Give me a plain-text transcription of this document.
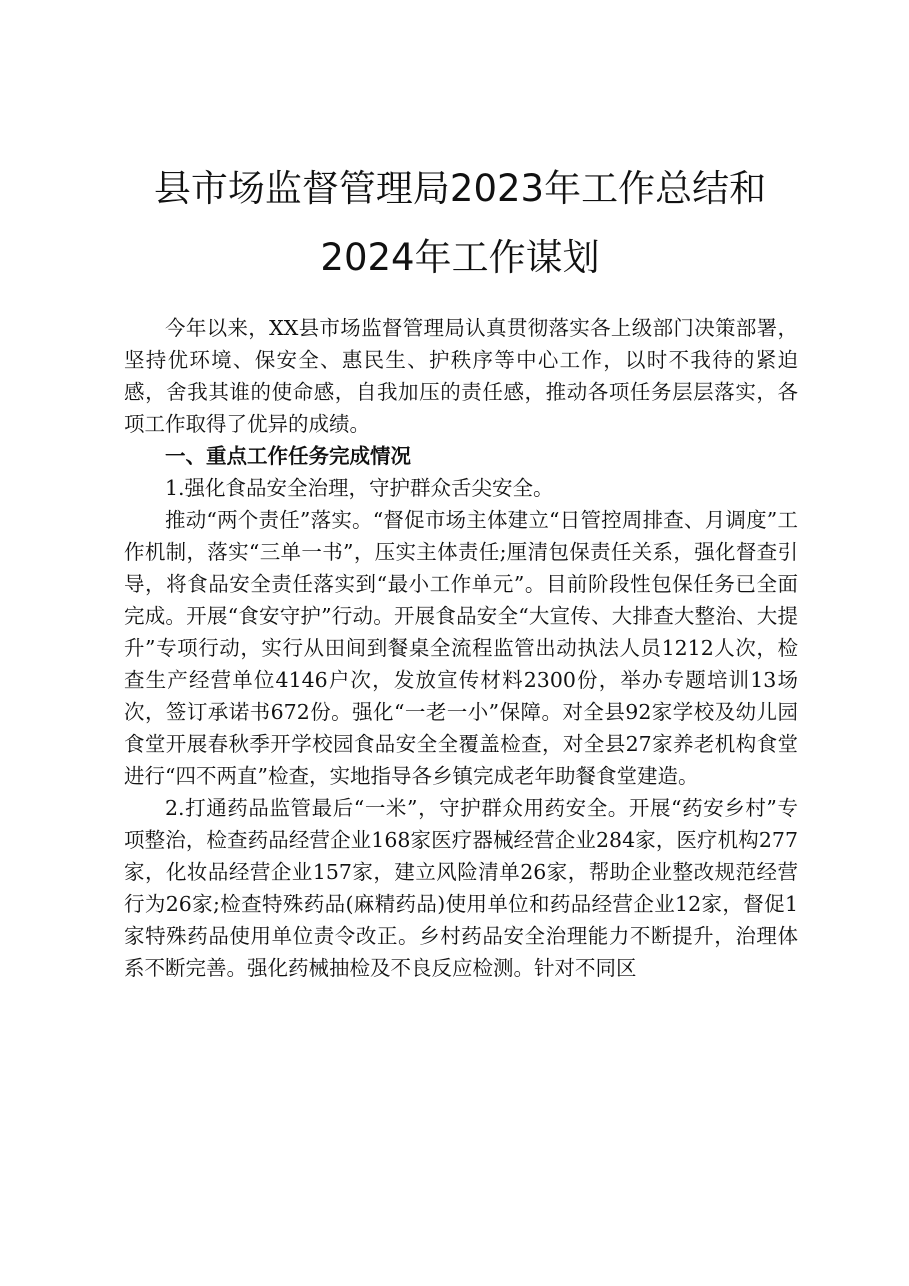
县市场监督管理局2023年工作总结和2024年工作谋划

今年以来，XX县市场监督管理局认真贯彻落实各上级部门决策部署，坚持优环境、保安全、惠民生、护秩序等中心工作，以时不我待的紧迫感，舍我其谁的使命感，自我加压的责任感，推动各项任务层层落实，各项工作取得了优异的成绩。

一、重点工作任务完成情况

1.强化食品安全治理，守护群众舌尖安全。

推动“两个责任”落实。“督促市场主体建立“日管控周排查、月调度”工作机制，落实“三单一书”，压实主体责任;厘清包保责任关系，强化督查引导，将食品安全责任落实到“最小工作单元”。目前阶段性包保任务已全面完成。开展“食安守护”行动。开展食品安全“大宣传、大排查大整治、大提升”专项行动，实行从田间到餐桌全流程监管出动执法人员1212人次，检查生产经营单位4146户次，发放宣传材料2300份，举办专题培训13场次，签订承诺书672份。强化“一老一小”保障。对全县92家学校及幼儿园食堂开展春秋季开学校园食品安全全覆盖检查，对全县27家养老机构食堂进行“四不两直”检查，实地指导各乡镇完成老年助餐食堂建造。

2.打通药品监管最后“一米”，守护群众用药安全。开展“药安乡村”专项整治，检查药品经营企业168家医疗器械经营企业284家，医疗机构277家，化妆品经营企业157家，建立风险清单26家，帮助企业整改规范经营行为26家;检查特殊药品(麻精药品)使用单位和药品经营企业12家，督促1家特殊药品使用单位责令改正。乡村药品安全治理能力不断提升，治理体系不断完善。强化药械抽检及不良反应检测。针对不同区
